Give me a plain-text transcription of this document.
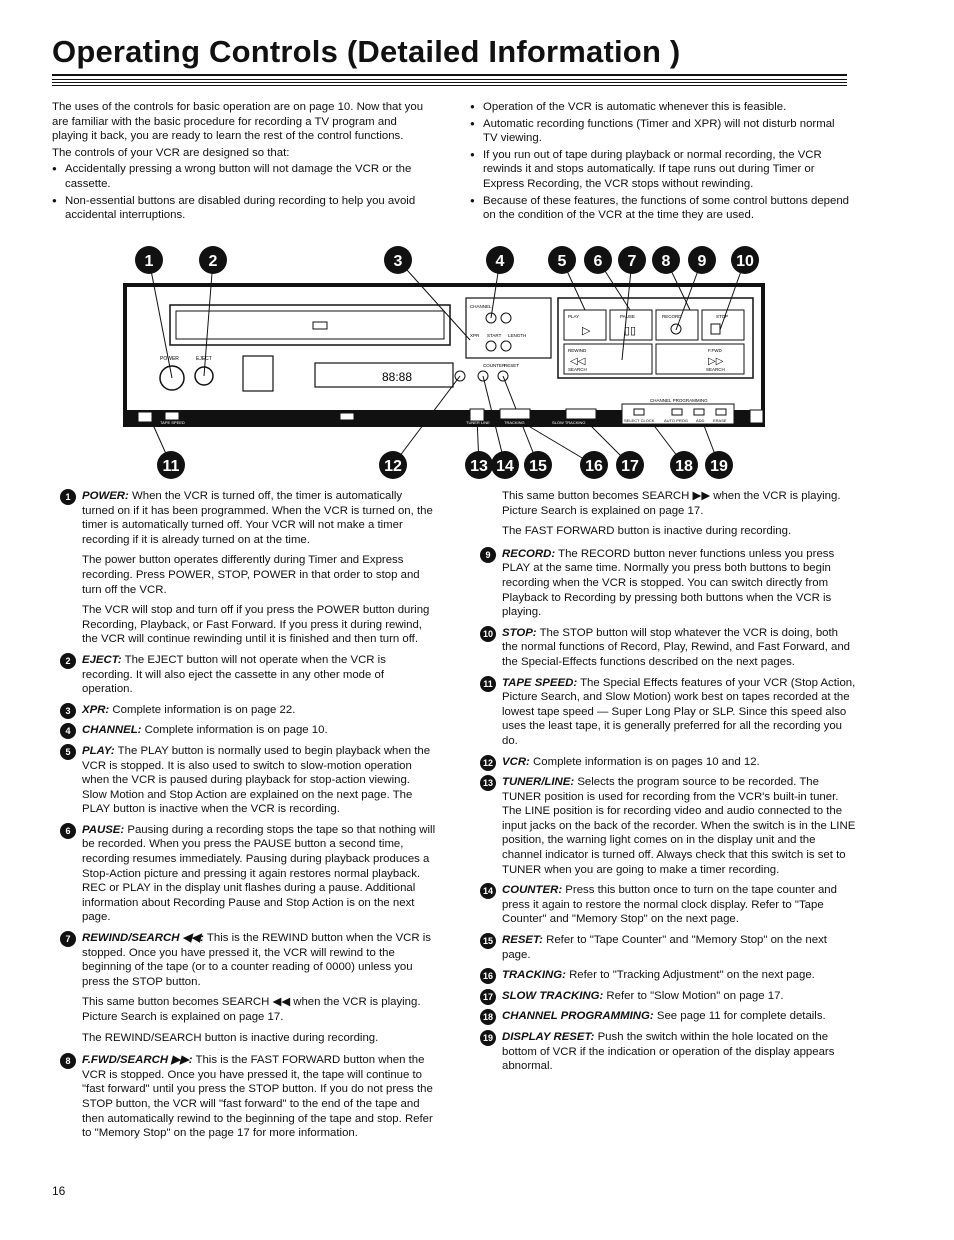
Operating Controls (Detailed Information )

The uses of the controls for basic operation are on page 10. Now that you are familiar with the basic procedure for recording a TV program and playing it back, you are ready to learn the rest of the control functions.

The controls of your VCR are designed so that:

● Accidentally pressing a wrong button will not damage the VCR or the cassette.
● Non-essential buttons are disabled during recording to help you avoid accidental interruptions.
● Operation of the VCR is automatic whenever this is feasible.
● Automatic recording functions (Timer and XPR) will not disturb normal TV viewing.
● If you run out of tape during playback or normal recording, the VCR rewinds it and stops automatically. If tape runs out during Timer or Express Recording, the VCR stops without rewinding.
● Because of these features, the functions of some control buttons depend on the condition of the VCR at the time they are used.
1	2	3	4	5 6 7 8 9 10
11	12	13 14 15 16 17 18 19
POWER	EJECT
88:88
CHANNEL
XPR START LENGTH
COUNTER
RESET
PLAY
▷
PAUSE
▯▯
RECORD	STOP
REWIND
◁◁
SEARCH
F.FWD
▷▷
SEARCH
TAPE SPEED	TUNER LINE	TRACKING	SLOW TRACKING
CHANNEL PROGRAMMING
SELECT CLOCK AUTO PROG ADD ERASE
1	POWER: When the VCR is turned off, the timer is automatically turned on if it has been programmed. When the VCR is turned on, the timer is automatically turned off. Your VCR will not make a timer recording if it is already turned on at the time.

The power button operates differently during Timer and Express recording. Press POWER, STOP, POWER in that order to stop and turn off the VCR.

The VCR will stop and turn off if you press the POWER button during Recording, Playback, or Fast Forward. If you press it during rewind, the VCR will continue rewinding until it is finished and then turn off.

2	EJECT: The EJECT button will not operate when the VCR is recording. It will also eject the cassette in any other mode of operation.

3	XPR: Complete information is on page 22.

4	CHANNEL: Complete information is on page 10.

5	PLAY: The PLAY button is normally used to begin playback when the VCR is stopped. It is also used to switch to slow-motion operation when the VCR is paused during playback for stop-action viewing. Slow Motion and Stop Action are explained on the next page. The PLAY button is inactive when the VCR is recording.

6	PAUSE: Pausing during a recording stops the tape so that nothing will be recorded. When you press the PAUSE button a second time, recording resumes immediately. Pausing during playback produces a Stop-Action picture and pressing it again restores normal playback. REC or PLAY in the display unit flashes during a pause. Additional information about Recording Pause and Stop Action is on the next page.

7	REWIND/SEARCH ◀◀: This is the REWIND button when the VCR is stopped. Once you have pressed it, the VCR will rewind to the beginning of the tape (or to a counter reading of 0000) unless you press the STOP button.

This same button becomes SEARCH ◀◀ when the VCR is playing. Picture Search is explained on page 17.

The REWIND/SEARCH button is inactive during recording.

8	F.FWD/SEARCH ▶▶: This is the FAST FORWARD button when the VCR is stopped. Once you have pressed it, the tape will continue to "fast forward" until you press the STOP button. If you do not press the STOP button, the VCR will "fast forward" to the end of the tape and then automatically rewind to the beginning of the tape and stop. Refer to "Memory Stop" on the page 17 for more information.

This same button becomes SEARCH ▶▶ when the VCR is playing. Picture Search is explained on page 17.

The FAST FORWARD button is inactive during recording.

9	RECORD: The RECORD button never functions unless you press PLAY at the same time. Normally you press both buttons to begin recording when the VCR is stopped. You can switch directly from Playback to Recording by pressing both buttons when the VCR is playing.

10 STOP: The STOP button will stop whatever the VCR is doing, both the normal functions of Record, Play, Rewind, and Fast Forward, and the Special-Effects functions described on the next pages.

11 TAPE SPEED: The Special Effects features of your VCR (Stop Action, Picture Search, and Slow Motion) work best on tapes recorded at the lowest tape speed — Super Long Play or SLP. Since this speed also uses the least tape, it is generally preferred for all the recording you do.

12 VCR: Complete information is on pages 10 and 12.

13 TUNER/LINE: Selects the program source to be recorded. The TUNER position is used for recording from the VCR's built-in tuner. The LINE position is for recording video and audio connected to the input jacks on the back of the recorder. When the switch is in the LINE position, the warning light comes on in the display unit and the channel indicator is turned off. Always check that this switch is set to TUNER when you are going to make a timer recording.

14 COUNTER: Press this button once to turn on the tape counter and press it again to restore the normal clock display. Refer to "Tape Counter" and "Memory Stop" on the next page.

15 RESET: Refer to "Tape Counter" and "Memory Stop" on the next page.

16 TRACKING: Refer to "Tracking Adjustment" on the next page.

17 SLOW TRACKING: Refer to "Slow Motion" on page 17.

18 CHANNEL PROGRAMMING: See page 11 for complete details.

19 DISPLAY RESET: Push the switch within the hole located on the bottom of VCR if the indication or operation of the display appears abnormal.

16
